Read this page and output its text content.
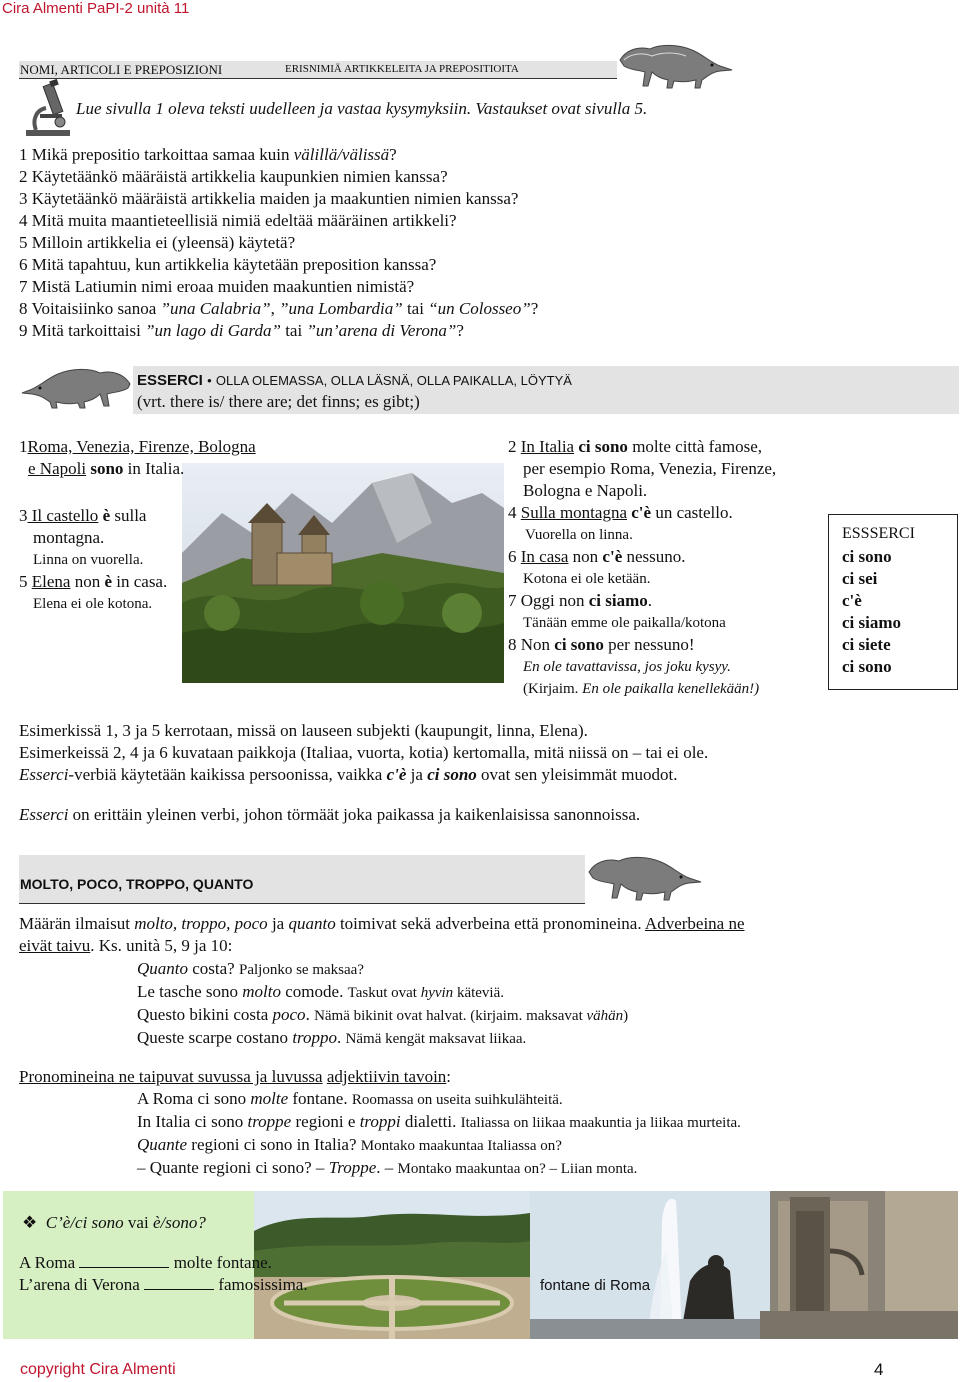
Cira Almenti PaPI-2 unità 11
NOMI, ARTICOLI E PREPOSIZIONI	ERISNIMIÄ ARTIKKELEITA JA PREPOSITIOITA
Lue sivulla 1 oleva teksti uudelleen ja vastaa kysymyksiin. Vastaukset ovat sivulla 5.
1 Mikä prepositio tarkoittaa samaa kuin välillä/välissä?
2 Käytetäänkö määräistä artikkelia kaupunkien nimien kanssa?
3 Käytetäänkö määräistä artikkelia maiden ja maakuntien nimien kanssa?
4 Mitä muita maantieteellisiä nimiä edeltää määräinen artikkeli?
5 Milloin artikkelia ei (yleensä) käytetä?
6 Mitä tapahtuu, kun artikkelia käytetään preposition kanssa?
7 Mistä Latiumin nimi eroaa muiden maakuntien nimistä?
8 Voitaisiinko sanoa ”una Calabria”, ”una Lombardia” tai “un Colosseo”?
9 Mitä tarkoittaisi ”un lago di Garda” tai ”un’arena di Verona”?
ESSERCI • OLLA OLEMASSA, OLLA LÄSNÄ, OLLA PAIKALLA, LÖYTYÄ
(vrt. there is/ there are; det finns; es gibt;)
1Roma, Venezia, Firenze, Bologna
e Napoli sono in Italia.
3 Il castello è sulla
montagna.
Linna on vuorella.
5 Elena non è in casa.
Elena ei ole kotona.
2 In Italia ci sono molte città famose,
per esempio Roma, Venezia, Firenze,
Bologna e Napoli.
4 Sulla montagna c'è un castello.
Vuorella on linna.
6 In casa non c'è nessuno.
Kotona ei ole ketään.
7 Oggi non ci siamo.
Tänään emme ole paikalla/kotona
8 Non ci sono per nessuno!
En ole tavattavissa, jos joku kysyy.
(Kirjaim. En ole paikalla kenellekään!)
ESSSERCI
ci sono
ci sei
c'è
ci siamo
ci siete
ci sono
Esimerkissä 1, 3 ja 5 kerrotaan, missä on lauseen subjekti (kaupungit, linna, Elena).
Esimerkeissä 2, 4 ja 6 kuvataan paikkoja (Italiaa, vuorta, kotia) kertomalla, mitä niissä on – tai ei ole.
Esserci-verbiä käytetään kaikissa persoonissa, vaikka c'è ja ci sono ovat sen yleisimmät muodot.
Esserci on erittäin yleinen verbi, johon törmäät joka paikassa ja kaikenlaisissa sanonnoissa.
MOLTO, POCO, TROPPO, QUANTO
Määrän ilmaisut molto, troppo, poco ja quanto toimivat sekä adverbeina että pronomineina. Adverbeina ne
eivät taivu. Ks. unità 5, 9 ja 10:
Quanto costa? Paljonko se maksaa?
Le tasche sono molto comode. Taskut ovat hyvin käteviä.
Questo bikini costa poco. Nämä bikinit ovat halvat. (kirjaim. maksavat vähän)
Queste scarpe costano troppo. Nämä kengät maksavat liikaa.
Pronomineina ne taipuvat suvussa ja luvussa adjektiivin tavoin:
A Roma ci sono molte fontane. Roomassa on useita suihkulähteitä.
In Italia ci sono troppe regioni e troppi dialetti. Italiassa on liikaa maakuntia ja liikaa murteita.
Quante regioni ci sono in Italia? Montako maakuntaa Italiassa on?
– Quante regioni ci sono? – Troppe. – Montako maakuntaa on? – Liian monta.
❖ C’è/ci sono vai è/sono?
A Roma	molte fontane.
L’arena di Verona	famosissima.	fontane di Roma
copyright Cira Almenti	4
